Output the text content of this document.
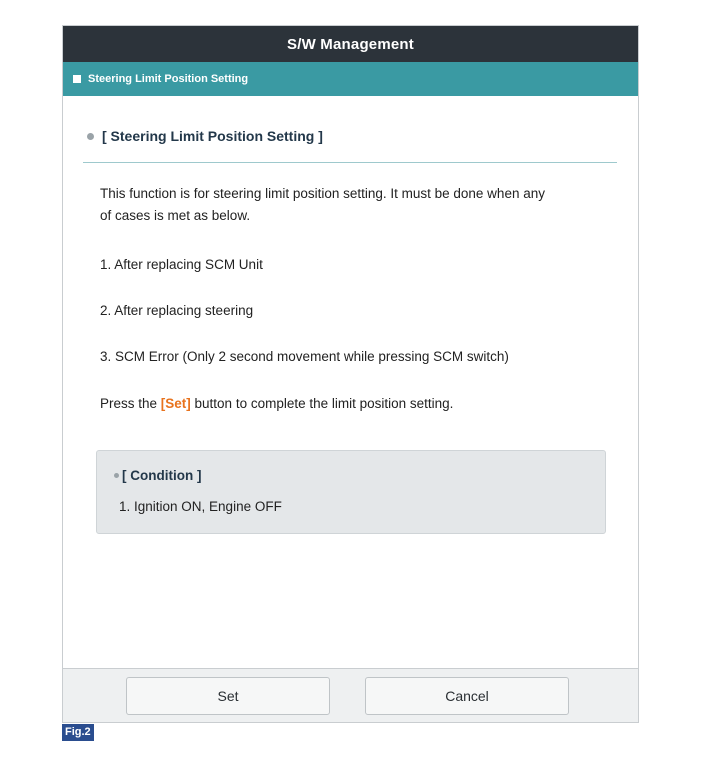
S/W Management
Steering Limit Position Setting
[ Steering Limit Position Setting ]
This function is for steering limit position setting. It must be done when any
of cases is met as below.
1. After replacing SCM Unit
2. After replacing steering
3. SCM Error (Only 2 second movement while pressing SCM switch)
Press the [Set] button to complete the limit position setting.
[ Condition ]
1. Ignition ON, Engine OFF
Set	Cancel
Fig.2
